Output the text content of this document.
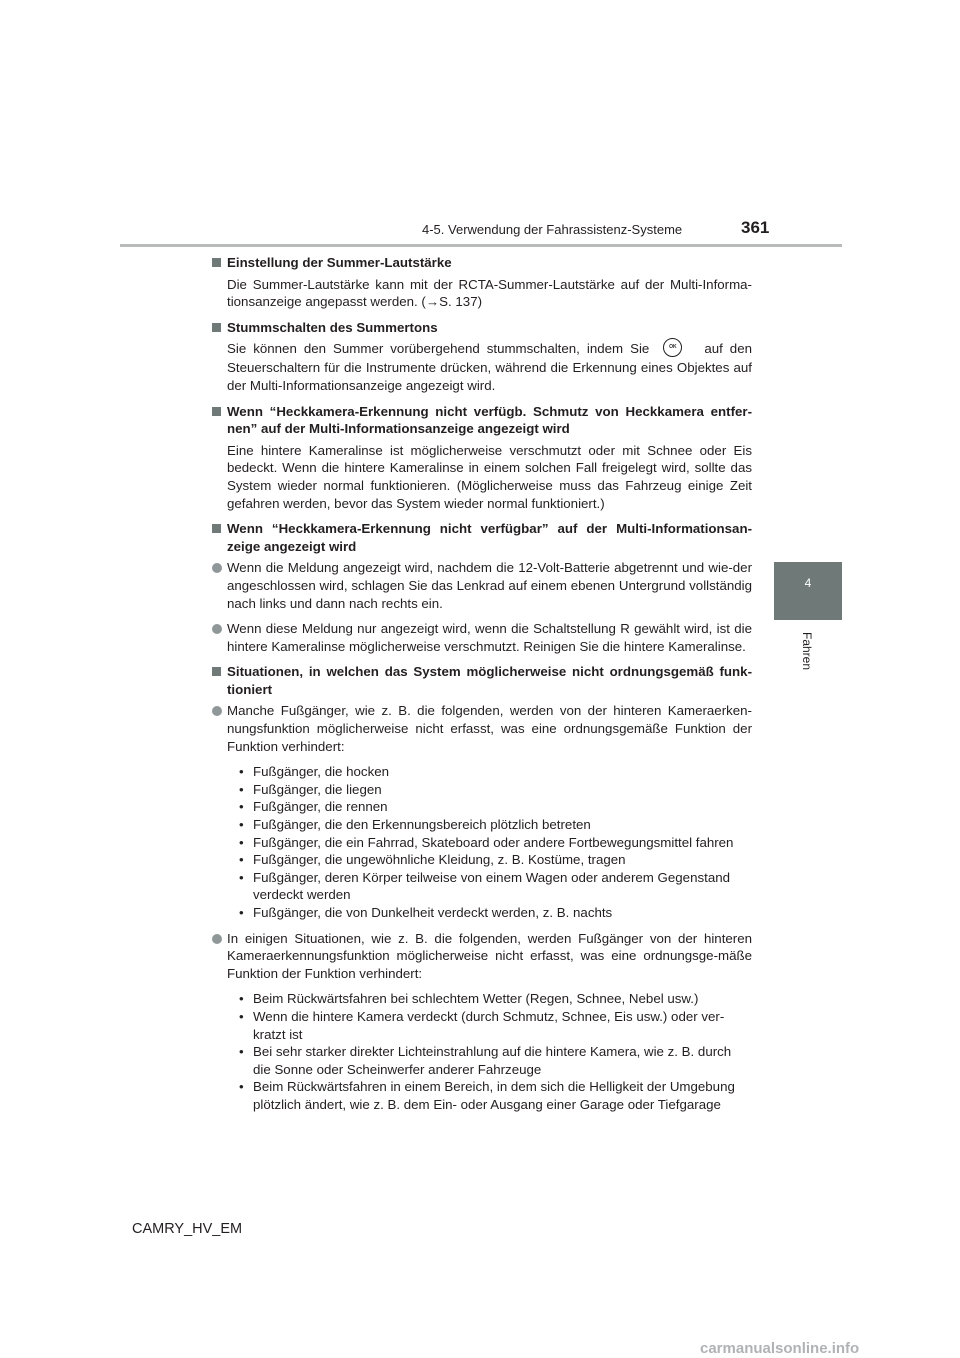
4-5. Verwendung der Fahrassistenz-Systeme	361
4
Fahren
Einstellung der Summer-Lautstärke
Die Summer-Lautstärke kann mit der RCTA-Summer-Lautstärke auf der Multi-Informa-tionsanzeige angepasst werden. (→S. 137)
Stummschalten des Summertons
Sie können den Summer vorübergehend stummschalten, indem Sie	OK auf den Steuerschaltern für die Instrumente drücken, während die Erkennung eines Objektes auf der Multi-Informationsanzeige angezeigt wird.
Wenn “Heckkamera-Erkennung nicht verfügb. Schmutz von Heckkamera entfer-nen” auf der Multi-Informationsanzeige angezeigt wird
Eine hintere Kameralinse ist möglicherweise verschmutzt oder mit Schnee oder Eis bedeckt. Wenn die hintere Kameralinse in einem solchen Fall freigelegt wird, sollte das System wieder normal funktionieren. (Möglicherweise muss das Fahrzeug einige Zeit gefahren werden, bevor das System wieder normal funktioniert.)
Wenn “Heckkamera-Erkennung nicht verfügbar” auf der Multi-Informationsan-zeige angezeigt wird
Wenn die Meldung angezeigt wird, nachdem die 12-Volt-Batterie abgetrennt und wie-der angeschlossen wird, schlagen Sie das Lenkrad auf einem ebenen Untergrund vollständig nach links und dann nach rechts ein.
Wenn diese Meldung nur angezeigt wird, wenn die Schaltstellung R gewählt wird, ist die hintere Kameralinse möglicherweise verschmutzt. Reinigen Sie die hintere Kameralinse.
Situationen, in welchen das System möglicherweise nicht ordnungsgemäß funk-tioniert
Manche Fußgänger, wie z. B. die folgenden, werden von der hinteren Kameraerken-nungsfunktion möglicherweise nicht erfasst, was eine ordnungsgemäße Funktion der Funktion verhindert:
• Fußgänger, die hocken
• Fußgänger, die liegen
• Fußgänger, die rennen
• Fußgänger, die den Erkennungsbereich plötzlich betreten
• Fußgänger, die ein Fahrrad, Skateboard oder andere Fortbewegungsmittel fahren
• Fußgänger, die ungewöhnliche Kleidung, z. B. Kostüme, tragen
• Fußgänger, deren Körper teilweise von einem Wagen oder anderem Gegenstand verdeckt werden
• Fußgänger, die von Dunkelheit verdeckt werden, z. B. nachts
In einigen Situationen, wie z. B. die folgenden, werden Fußgänger von der hinteren Kameraerkennungsfunktion möglicherweise nicht erfasst, was eine ordnungsge-mäße Funktion der Funktion verhindert:
• Beim Rückwärtsfahren bei schlechtem Wetter (Regen, Schnee, Nebel usw.)
• Wenn die hintere Kamera verdeckt (durch Schmutz, Schnee, Eis usw.) oder ver-kratzt ist
• Bei sehr starker direkter Lichteinstrahlung auf die hintere Kamera, wie z. B. durch die Sonne oder Scheinwerfer anderer Fahrzeuge
• Beim Rückwärtsfahren in einem Bereich, in dem sich die Helligkeit der Umgebung plötzlich ändert, wie z. B. dem Ein- oder Ausgang einer Garage oder Tiefgarage
CAMRY_HV_EM
carmanualsonline.info
